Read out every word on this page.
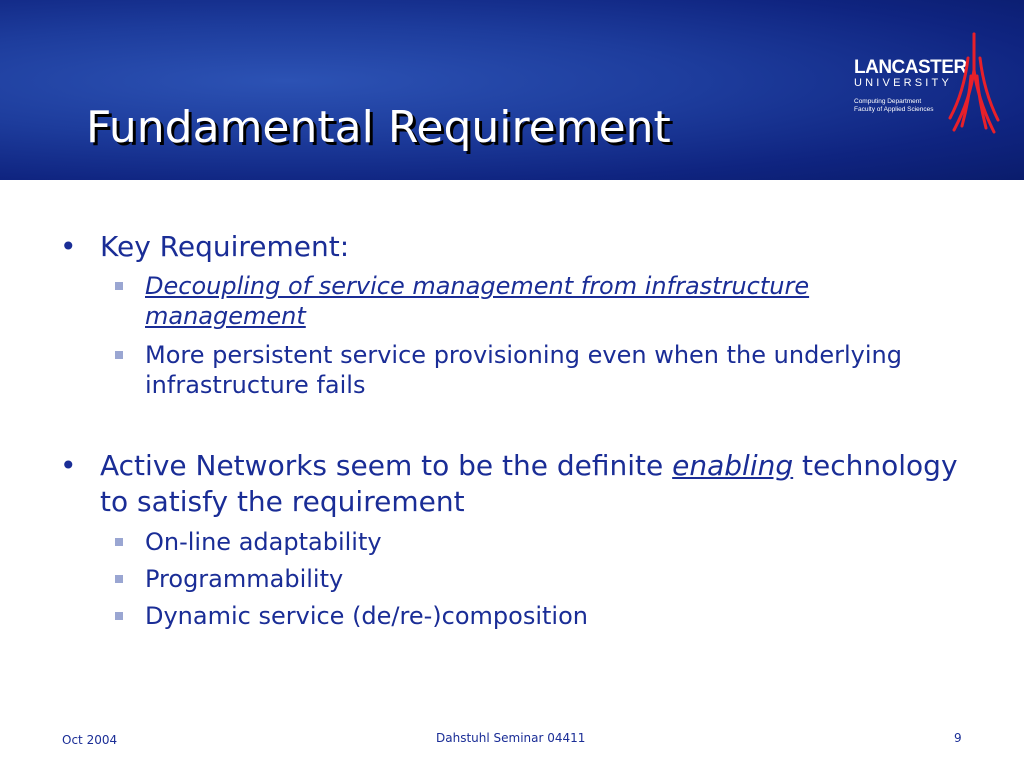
Fundamental Requirement
LANCASTER
UNIVERSITY
Computing Department
Faculty of Applied Sciences
• Key Requirement:
Decoupling of service management from infrastructure management
More persistent service provisioning even when the underlying infrastructure fails
• Active Networks seem to be the definite enabling technology to satisfy the requirement
On-line adaptability
Programmability
Dynamic service (de/re-)composition
Oct 2004	Dahstuhl Seminar 04411	9
